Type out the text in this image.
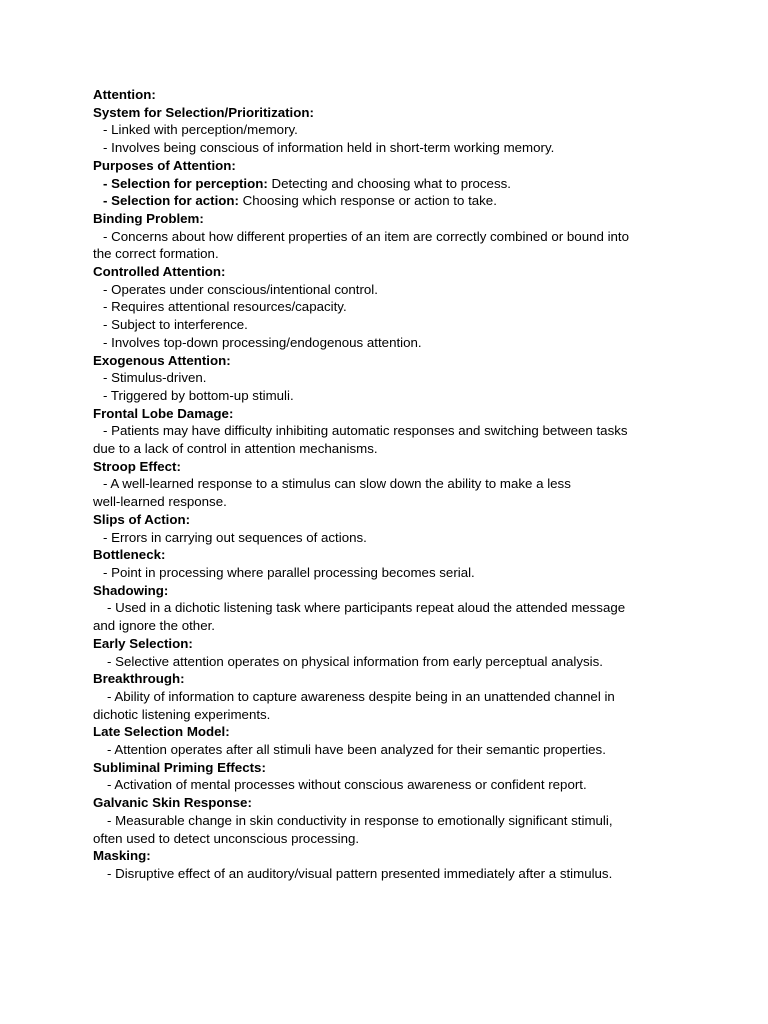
Attention:
System for Selection/Prioritization:
- Linked with perception/memory.
- Involves being conscious of information held in short-term working memory.
Purposes of Attention:
- Selection for perception: Detecting and choosing what to process.
- Selection for action: Choosing which response or action to take.
Binding Problem:
- Concerns about how different properties of an item are correctly combined or bound into
the correct formation.
Controlled Attention:
- Operates under conscious/intentional control.
- Requires attentional resources/capacity.
- Subject to interference.
- Involves top-down processing/endogenous attention.
Exogenous Attention:
- Stimulus-driven.
- Triggered by bottom-up stimuli.
Frontal Lobe Damage:
- Patients may have difficulty inhibiting automatic responses and switching between tasks
due to a lack of control in attention mechanisms.
Stroop Effect:
- A well-learned response to a stimulus can slow down the ability to make a less
well-learned response.
Slips of Action:
- Errors in carrying out sequences of actions.
Bottleneck:
- Point in processing where parallel processing becomes serial.
Shadowing:
- Used in a dichotic listening task where participants repeat aloud the attended message
and ignore the other.
Early Selection:
- Selective attention operates on physical information from early perceptual analysis.
Breakthrough:
- Ability of information to capture awareness despite being in an unattended channel in
dichotic listening experiments.
Late Selection Model:
- Attention operates after all stimuli have been analyzed for their semantic properties.
Subliminal Priming Effects:
- Activation of mental processes without conscious awareness or confident report.
Galvanic Skin Response:
- Measurable change in skin conductivity in response to emotionally significant stimuli,
often used to detect unconscious processing.
Masking:
- Disruptive effect of an auditory/visual pattern presented immediately after a stimulus.
